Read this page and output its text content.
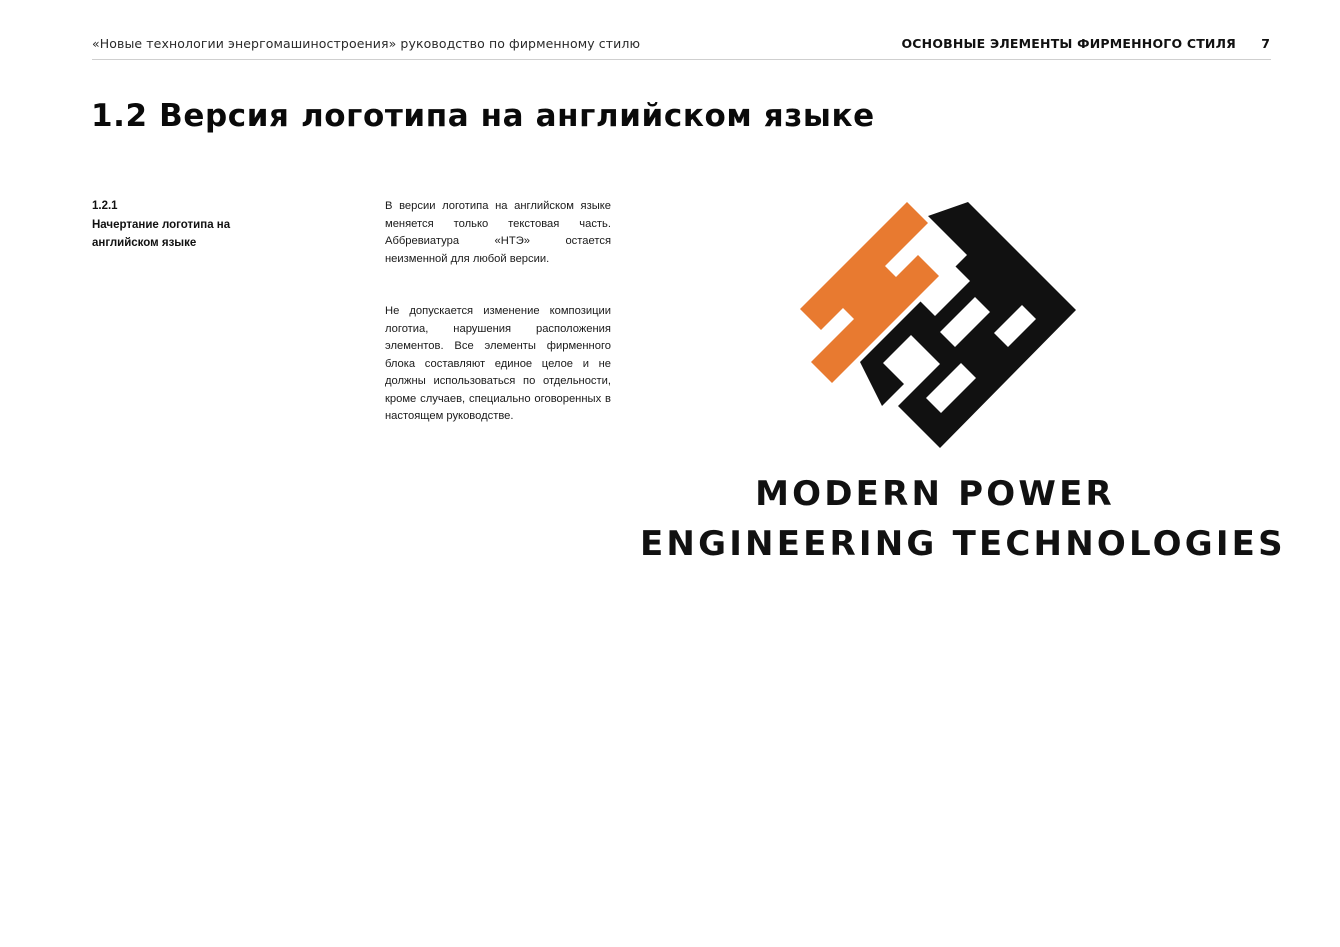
«Новые технологии энергомашиностроения» руководство по фирменному стилю	ОСНОВНЫЕ ЭЛЕМЕНТЫ ФИРМЕННОГО СТИЛЯ 7
1.2 Версия логотипа на английском языке
1.2.1
Начертание логотипа на английском языке

В версии логотипа на английском языке меняется только текстовая часть. Аббревиатура «НТЭ» остается неизменной для любой версии.

Не допускается изменение композиции логотиа, нарушения расположения элементов. Все элементы фирменного блока составляют единое целое и не должны использоваться по отдельности, кроме случаев, специально оговоренных в настоящем руководстве.

MODERN POWER
ENGINEERING TECHNOLOGIES
